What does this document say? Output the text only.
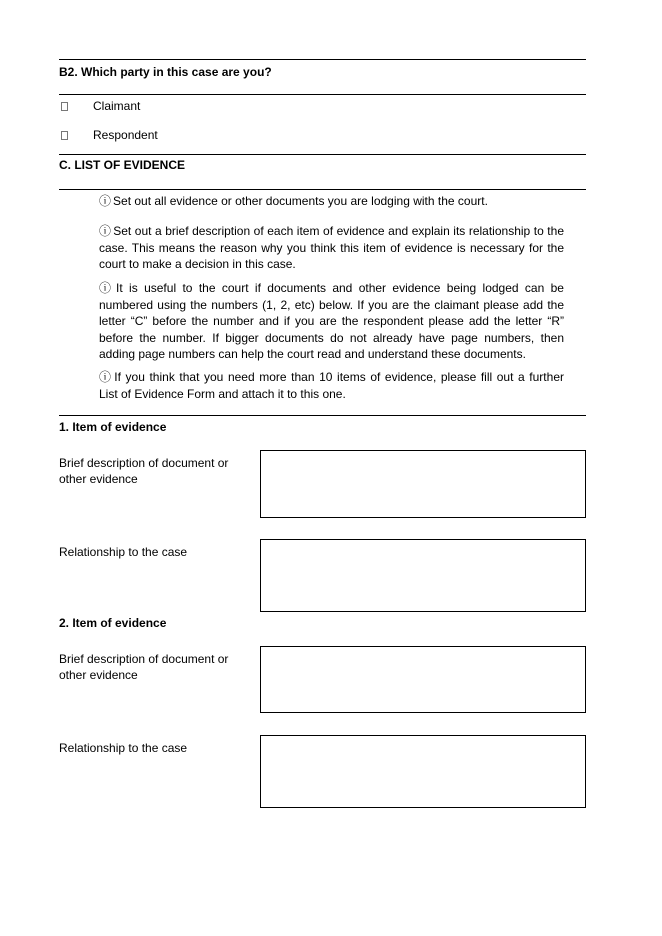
B2. Which party in this case are you?
Claimant
Respondent
C. LIST OF EVIDENCE
ⓘ Set out all evidence or other documents you are lodging with the court.
ⓘ Set out a brief description of each item of evidence and explain its relationship to the case. This means the reason why you think this item of evidence is necessary for the court to make a decision in this case.
ⓘ It is useful to the court if documents and other evidence being lodged can be numbered using the numbers (1, 2, etc) below. If you are the claimant please add the letter “C” before the number and if you are the respondent please add the letter “R” before the number. If bigger documents do not already have page numbers, then adding page numbers can help the court read and understand these documents.
ⓘ If you think that you need more than 10 items of evidence, please fill out a further List of Evidence Form and attach it to this one.
1. Item of evidence
Brief description of document or other evidence
Relationship to the case
2. Item of evidence
Brief description of document or other evidence
Relationship to the case
